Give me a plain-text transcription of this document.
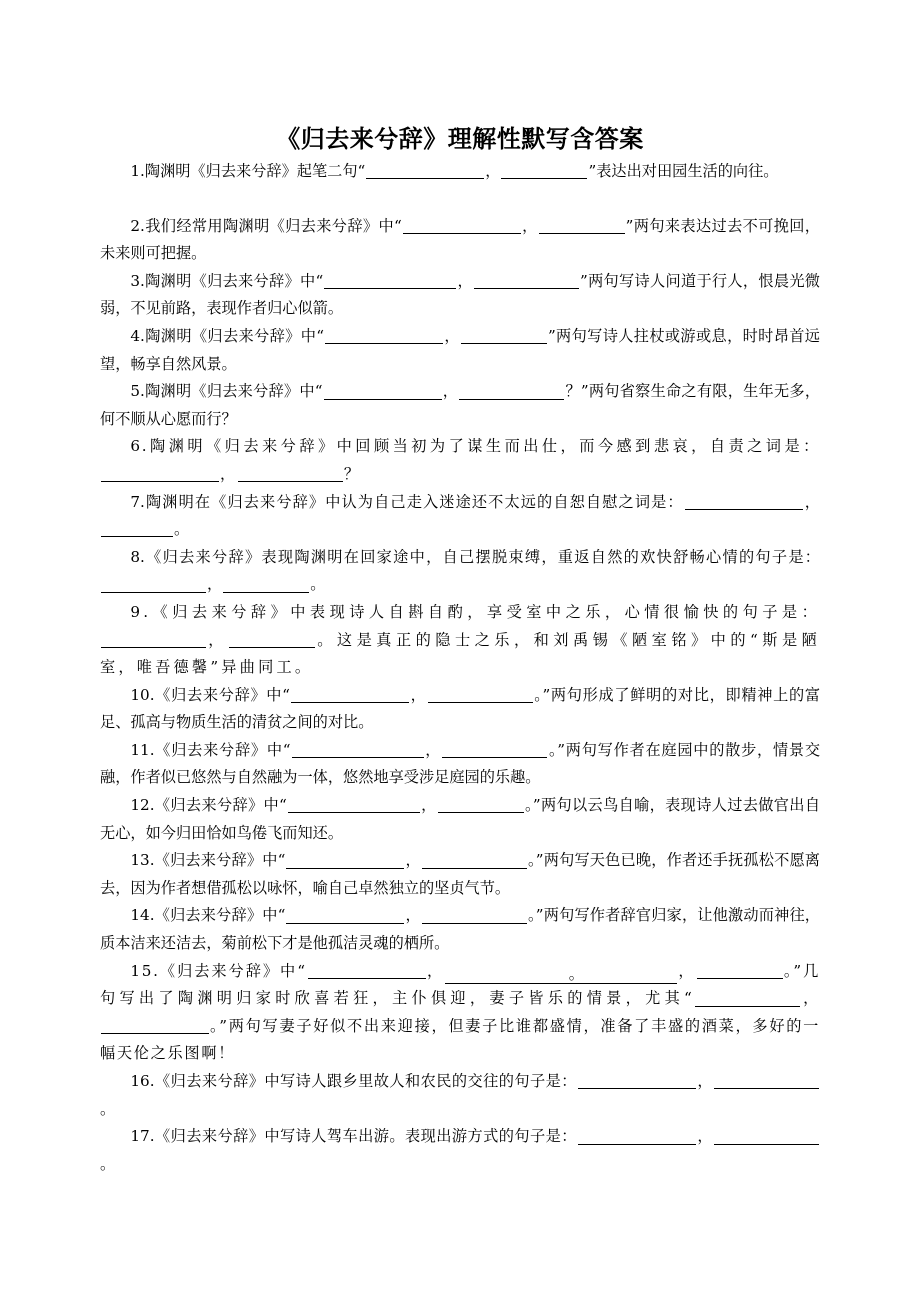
《归去来兮辞》理解性默写含答案

1.陶渊明《归去来兮辞》起笔二句“	，	”表达出对田园生活的向往。

2.我们经常用陶渊明《归去来兮辞》中“	，	”两句来表达过去不可挽回，未来则可把握。

3.陶渊明《归去来兮辞》中“	，	”两句写诗人问道于行人，恨晨光微弱，不见前路，表现作者归心似箭。

4.陶渊明《归去来兮辞》中“	，	”两句写诗人拄杖或游或息，时时昂首远望，畅享自然风景。

5.陶渊明《归去来兮辞》中“	，	？”两句省察生命之有限，生年无多，何不顺从心愿而行？

6.陶渊明《归去来兮辞》中回顾当初为了谋生而出仕，而今感到悲哀，自责之词是：，	？

7.陶渊明在《归去来兮辞》中认为自己走入迷途还不太远的自恕自慰之词是：	，。

8.《归去来兮辞》表现陶渊明在回家途中，自己摆脱束缚，重返自然的欢快舒畅心情的句子是：，	。

9.《归去来兮辞》中表现诗人自斟自酌，享受室中之乐，心情很愉快的句子是：，	。这是真正的隐士之乐，和刘禹锡《陋室铭》中的“斯是陋室，唯吾德馨”异曲同工。

10.《归去来兮辞》中“	，	。”两句形成了鲜明的对比，即精神上的富足、孤高与物质生活的清贫之间的对比。

11.《归去来兮辞》中“	，	。”两句写作者在庭园中的散步，情景交融，作者似已悠然与自然融为一体，悠然地享受涉足庭园的乐趣。

12.《归去来兮辞》中“	，	。”两句以云鸟自喻，表现诗人过去做官出自无心，如今归田恰如鸟倦飞而知还。

13.《归去来兮辞》中“	，	。”两句写天色已晚，作者还手抚孤松不愿离去，因为作者想借孤松以咏怀，喻自己卓然独立的坚贞气节。

14.《归去来兮辞》中“	，	。”两句写作者辞官归家，让他激动而神往，质本洁来还洁去，菊前松下才是他孤洁灵魂的栖所。

15.《归去来兮辞》中“	，	。	，	。”几句写出了陶渊明归家时欣喜若狂，主仆俱迎，妻子皆乐的情景，尤其“	，。”两句写妻子好似不出来迎接，但妻子比谁都盛情，准备了丰盛的酒菜，多好的一幅天伦之乐图啊！

16.《归去来兮辞》中写诗人跟乡里故人和农民的交往的句子是：	，。

17.《归去来兮辞》中写诗人驾车出游。表现出游方式的句子是：	，。
